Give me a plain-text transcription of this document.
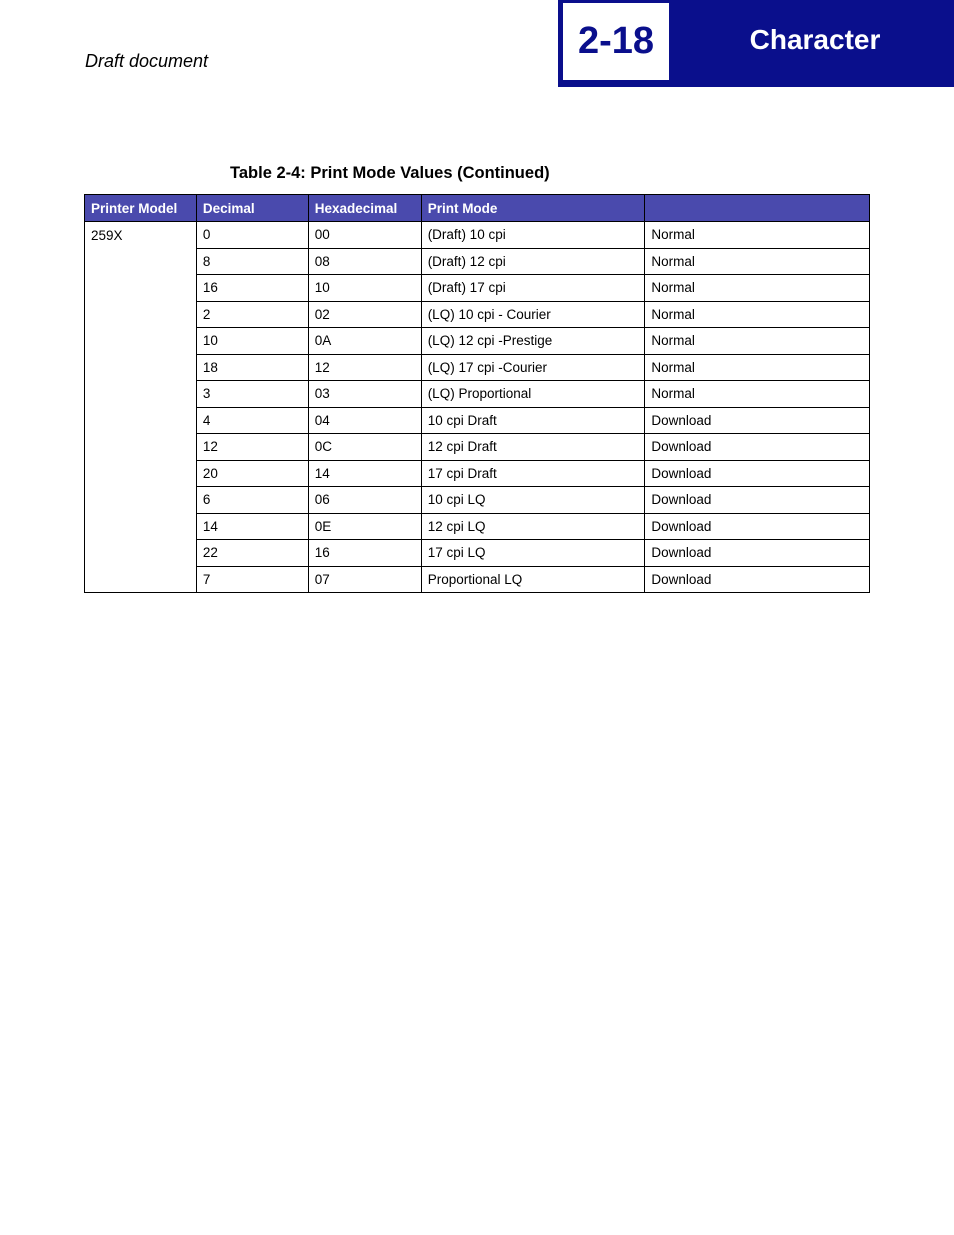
Draft document	2-18	Character
Table 2-4: Print Mode Values (Continued)
Printer Model	Decimal	Hexadecimal	Print Mode	
259X	0	00	(Draft) 10 cpi	Normal
	8	08	(Draft) 12 cpi	Normal
	16	10	(Draft) 17 cpi	Normal
	2	02	(LQ) 10 cpi - Courier	Normal
	10	0A	(LQ) 12 cpi -Prestige	Normal
	18	12	(LQ) 17 cpi -Courier	Normal
	3	03	(LQ) Proportional	Normal
	4	04	10 cpi Draft	Download
	12	0C	12 cpi Draft	Download
	20	14	17 cpi Draft	Download
	6	06	10 cpi LQ	Download
	14	0E	12 cpi LQ	Download
	22	16	17 cpi LQ	Download
	7	07	Proportional LQ	Download
